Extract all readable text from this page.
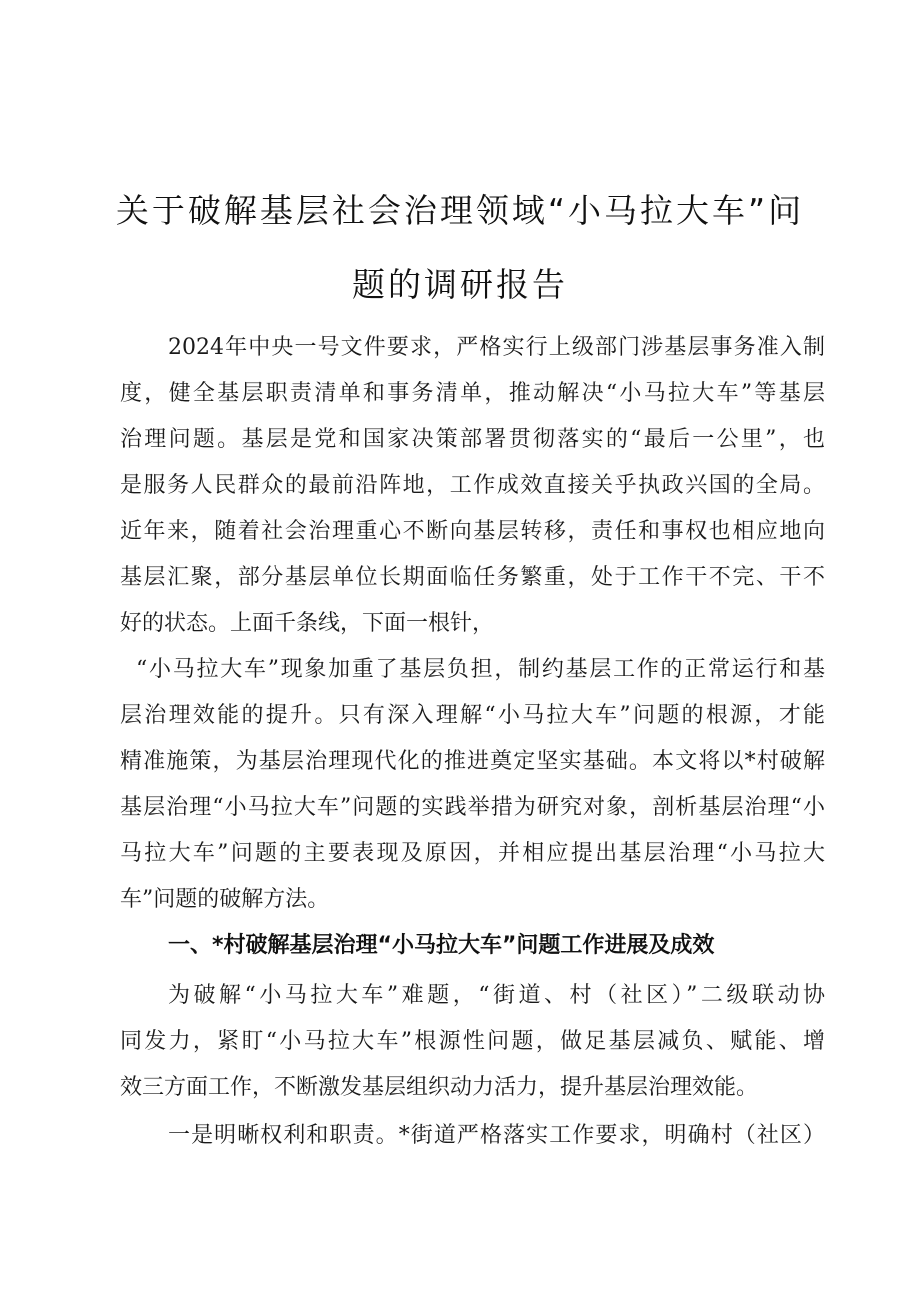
关于破解基层社会治理领域“小马拉大车”问
题的调研报告
2024年中央一号文件要求，严格实行上级部门涉基层事务准入制
度，健全基层职责清单和事务清单，推动解决“小马拉大车”等基层
治理问题。基层是党和国家决策部署贯彻落实的“最后一公里”，也
是服务人民群众的最前沿阵地，工作成效直接关乎执政兴国的全局。
近年来，随着社会治理重心不断向基层转移，责任和事权也相应地向
基层汇聚，部分基层单位长期面临任务繁重，处于工作干不完、干不
好的状态。上面千条线，下面一根针，
“小马拉大车”现象加重了基层负担，制约基层工作的正常运行和基
层治理效能的提升。只有深入理解“小马拉大车”问题的根源，才能
精准施策，为基层治理现代化的推进奠定坚实基础。本文将以*村破解
基层治理“小马拉大车”问题的实践举措为研究对象，剖析基层治理“小
马拉大车”问题的主要表现及原因，并相应提出基层治理“小马拉大
车”问题的破解方法。
一、*村破解基层治理“小马拉大车”问题工作进展及成效
为破解“小马拉大车”难题，“街道、村（社区）”二级联动协
同发力，紧盯“小马拉大车”根源性问题，做足基层减负、赋能、增
效三方面工作，不断激发基层组织动力活力，提升基层治理效能。
一是明晰权利和职责。*街道严格落实工作要求，明确村（社区）
